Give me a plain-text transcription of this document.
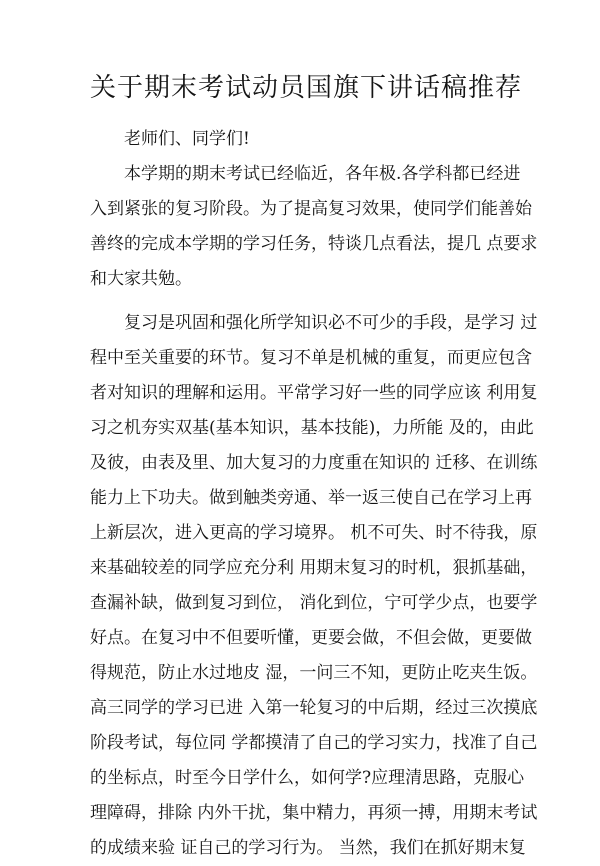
关于期末考试动员国旗下讲话稿推荐

老师们、同学们!

本学期的期末考试已经临近，各年极.各学科都已经进
入到紧张的复习阶段。为了提高复习效果，使同学们能善始
善终的完成本学期的学习任务，特谈几点看法，提几 点要求
和大家共勉。
复习是巩固和强化所学知识必不可少的手段，是学习 过
程中至关重要的环节。复习不单是机械的重复，而更应包含
者对知识的理解和运用。平常学习好一些的同学应该 利用复
习之机夯实双基(基本知识，基本技能)，力所能 及的，由此
及彼，由表及里、加大复习的力度重在知识的 迁移、在训练
能力上下功夫。做到触类旁通、举一返三使自己在学习上再
上新层次，进入更高的学习境界。 机不可失、时不待我，原
来基础较差的同学应充分利 用期末复习的时机，狠抓基础，
查漏补缺，做到复习到位， 消化到位，宁可学少点，也要学
好点。在复习中不但要听懂，更要会做，不但会做，更要做
得规范，防止水过地皮 湿，一问三不知，更防止吃夹生饭。
高三同学的学习已进 入第一轮复习的中后期，经过三次摸底
阶段考试，每位同 学都摸清了自己的学习实力，找准了自己
的坐标点，时至今日学什么，如何学?应理清思路，克服心
理障碍，排除 内外干扰，集中精力，再须一搏，用期末考试
的成绩来验 证自己的学习行为。 当然，我们在抓好期末复
